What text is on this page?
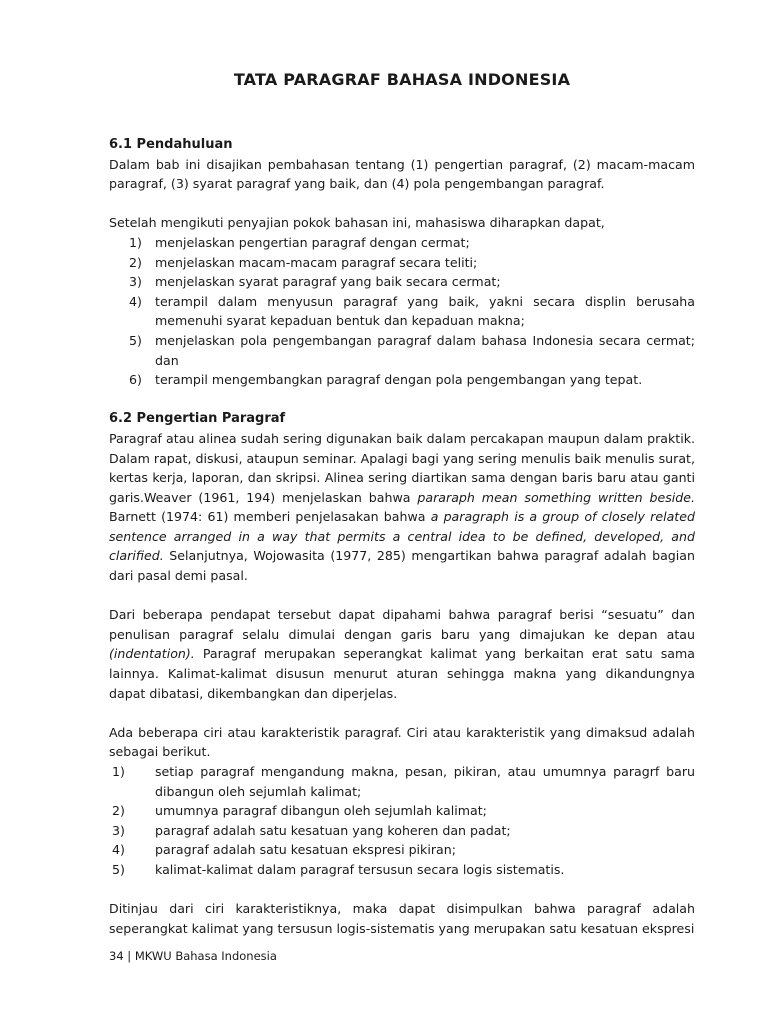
TATA PARAGRAF BAHASA INDONESIA
6.1 Pendahuluan

Dalam bab ini disajikan pembahasan tentang (1) pengertian paragraf, (2) macam-macam paragraf, (3) syarat paragraf yang baik, dan (4) pola pengembangan paragraf.

Setelah mengikuti penyajian pokok bahasan ini, mahasiswa diharapkan dapat,

1) menjelaskan pengertian paragraf dengan cermat;
2) menjelaskan macam-macam paragraf secara teliti;
3) menjelaskan syarat paragraf yang baik secara cermat;
4) terampil dalam menyusun paragraf yang baik, yakni secara displin berusaha memenuhi syarat kepaduan bentuk dan kepaduan makna;
5) menjelaskan pola pengembangan paragraf dalam bahasa Indonesia secara cermat; dan
6) terampil mengembangkan paragraf dengan pola pengembangan yang tepat.
6.2 Pengertian Paragraf

Paragraf atau alinea sudah sering digunakan baik dalam percakapan maupun dalam praktik. Dalam rapat, diskusi, ataupun seminar. Apalagi bagi yang sering menulis baik menulis surat, kertas kerja, laporan, dan skripsi. Alinea sering diartikan sama dengan baris baru atau ganti garis.Weaver (1961, 194) menjelaskan bahwa pararaph mean something written beside. Barnett (1974: 61) memberi penjelasakan bahwa a paragraph is a group of closely related sentence arranged in a way that permits a central idea to be defined, developed, and clarified. Selanjutnya, Wojowasita (1977, 285) mengartikan bahwa paragraf adalah bagian dari pasal demi pasal.

Dari beberapa pendapat tersebut dapat dipahami bahwa paragraf berisi “sesuatu” dan penulisan paragraf selalu dimulai dengan garis baru yang dimajukan ke depan atau (indentation). Paragraf merupakan seperangkat kalimat yang berkaitan erat satu sama lainnya. Kalimat-kalimat disusun menurut aturan sehingga makna yang dikandungnya dapat dibatasi, dikembangkan dan diperjelas.

Ada beberapa ciri atau karakteristik paragraf. Ciri atau karakteristik yang dimaksud adalah sebagai berikut.

1) setiap paragraf mengandung makna, pesan, pikiran, atau umumnya paragrf baru dibangun oleh sejumlah kalimat;
2) umumnya paragraf dibangun oleh sejumlah kalimat;
3) paragraf adalah satu kesatuan yang koheren dan padat;
4) paragraf adalah satu kesatuan ekspresi pikiran;
5) kalimat-kalimat dalam paragraf tersusun secara logis sistematis.

Ditinjau dari ciri karakteristiknya, maka dapat disimpulkan bahwa paragraf adalah seperangkat kalimat yang tersusun logis-sistematis yang merupakan satu kesatuan ekspresi

34 | MKWU Bahasa Indonesia
